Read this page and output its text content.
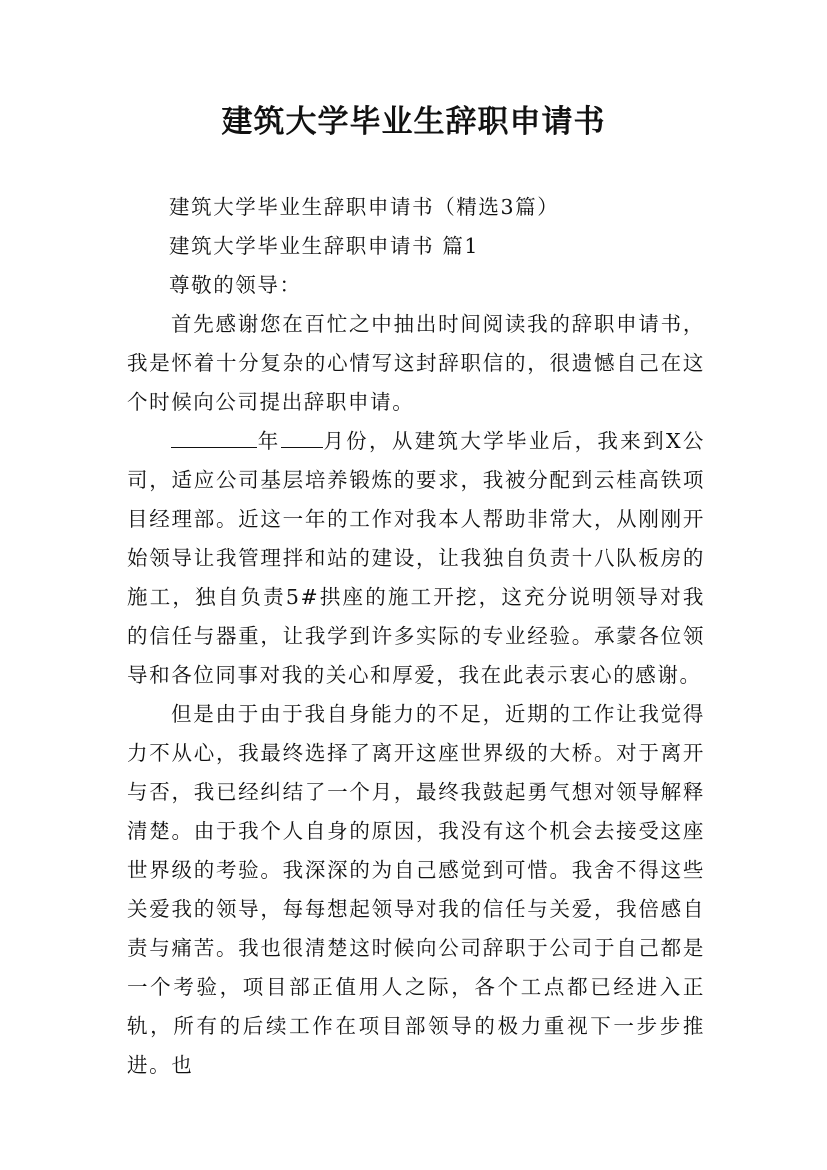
建筑大学毕业生辞职申请书

建筑大学毕业生辞职申请书（精选3篇）

建筑大学毕业生辞职申请书 篇1

尊敬的领导：

首先感谢您在百忙之中抽出时间阅读我的辞职申请书，我是怀着十分复杂的心情写这封辞职信的，很遗憾自己在这个时候向公司提出辞职申请。

年 月份，从建筑大学毕业后，我来到X公司，适应公司基层培养锻炼的要求，我被分配到云桂高铁项目经理部。近这一年的工作对我本人帮助非常大，从刚刚开始领导让我管理拌和站的建设，让我独自负责十八队板房的施工，独自负责5#拱座的施工开挖，这充分说明领导对我的信任与器重，让我学到许多实际的专业经验。承蒙各位领导和各位同事对我的关心和厚爱，我在此表示衷心的感谢。

但是由于由于我自身能力的不足，近期的工作让我觉得力不从心，我最终选择了离开这座世界级的大桥。对于离开与否，我已经纠结了一个月，最终我鼓起勇气想对领导解释清楚。由于我个人自身的原因，我没有这个机会去接受这座世界级的考验。我深深的为自己感觉到可惜。我舍不得这些关爱我的领导，每每想起领导对我的信任与关爱，我倍感自责与痛苦。我也很清楚这时候向公司辞职于公司于自己都是一个考验，项目部正值用人之际，各个工点都已经进入正轨，所有的后续工作在项目部领导的极力重视下一步步推进。也
